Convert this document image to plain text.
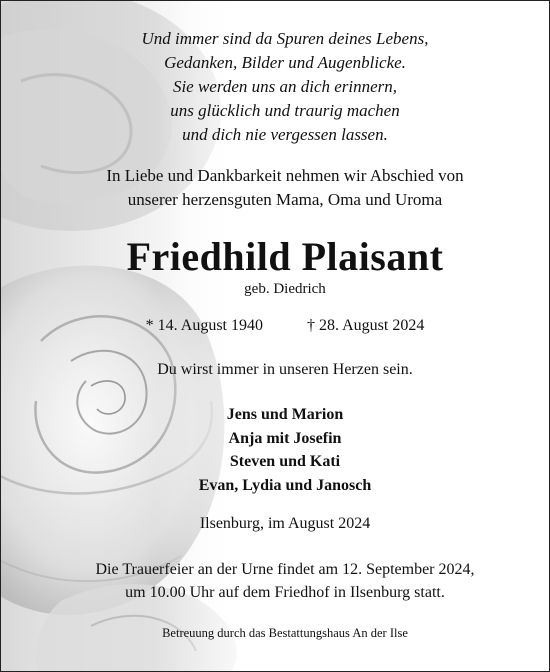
Und immer sind da Spuren deines Lebens,
Gedanken, Bilder und Augenblicke.
Sie werden uns an dich erinnern,
uns glücklich und traurig machen
und dich nie vergessen lassen.

In Liebe und Dankbarkeit nehmen wir Abschied von
unserer herzensguten Mama, Oma und Uroma

Friedhild Plaisant

geb. Diedrich

* 14. August 1940	† 28. August 2024

Du wirst immer in unseren Herzen sein.

Jens und Marion
Anja mit Josefin
Steven und Kati
Evan, Lydia und Janosch

Ilsenburg, im August 2024

Die Trauerfeier an der Urne findet am 12. September 2024,
um 10.00 Uhr auf dem Friedhof in Ilsenburg statt.

Betreuung durch das Bestattungshaus An der Ilse
